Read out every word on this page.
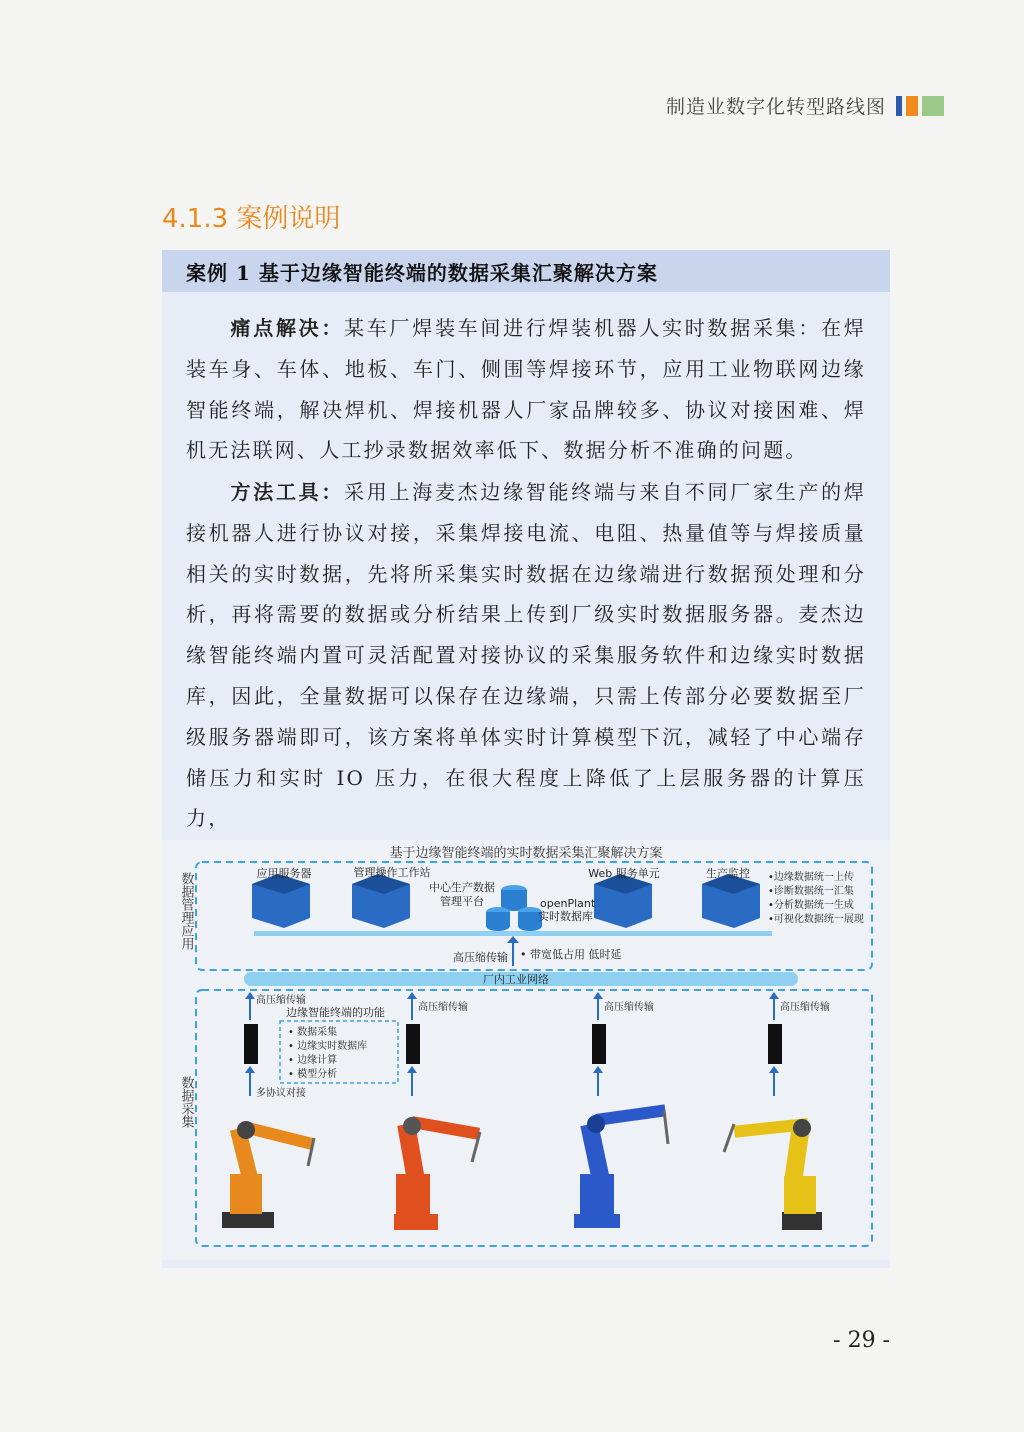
制造业数字化转型路线图
4.1.3 案例说明
案例 1 基于边缘智能终端的数据采集汇聚解决方案
痛点解决：某车厂焊装车间进行焊装机器人实时数据采集：在焊装车身、车体、地板、车门、侧围等焊接环节，应用工业物联网边缘智能终端，解决焊机、焊接机器人厂家品牌较多、协议对接困难、焊机无法联网、人工抄录数据效率低下、数据分析不准确的问题。
方法工具：采用上海麦杰边缘智能终端与来自不同厂家生产的焊接机器人进行协议对接，采集焊接电流、电阻、热量值等与焊接质量相关的实时数据，先将所采集实时数据在边缘端进行数据预处理和分析，再将需要的数据或分析结果上传到厂级实时数据服务器。麦杰边缘智能终端内置可灵活配置对接协议的采集服务软件和边缘实时数据库，因此，全量数据可以保存在边缘端，只需上传部分必要数据至厂级服务器端即可，该方案将单体实时计算模型下沉，减轻了中心端存储压力和实时 IO 压力，在很大程度上降低了上层服务器的计算压力，
基于边缘智能终端的实时数据采集汇聚解决方案
数据管理应用	应用服务器	管理操作工作站	Web 服务单元	生产监控
中心生产数据
管理平台	openPlant
实时数据库
•边缘数据统一上传
•诊断数据统一汇集
•分析数据统一生成
•可视化数据统一展现
高压缩传输 • 带宽低占用 低时延
厂内工业网络
数据采集
高压缩传输
高压缩传输	高压缩传输	高压缩传输
边缘智能终端的功能
• 数据采集
• 边缘实时数据库
• 边缘计算
• 模型分析
多协议对接
- 29 -
